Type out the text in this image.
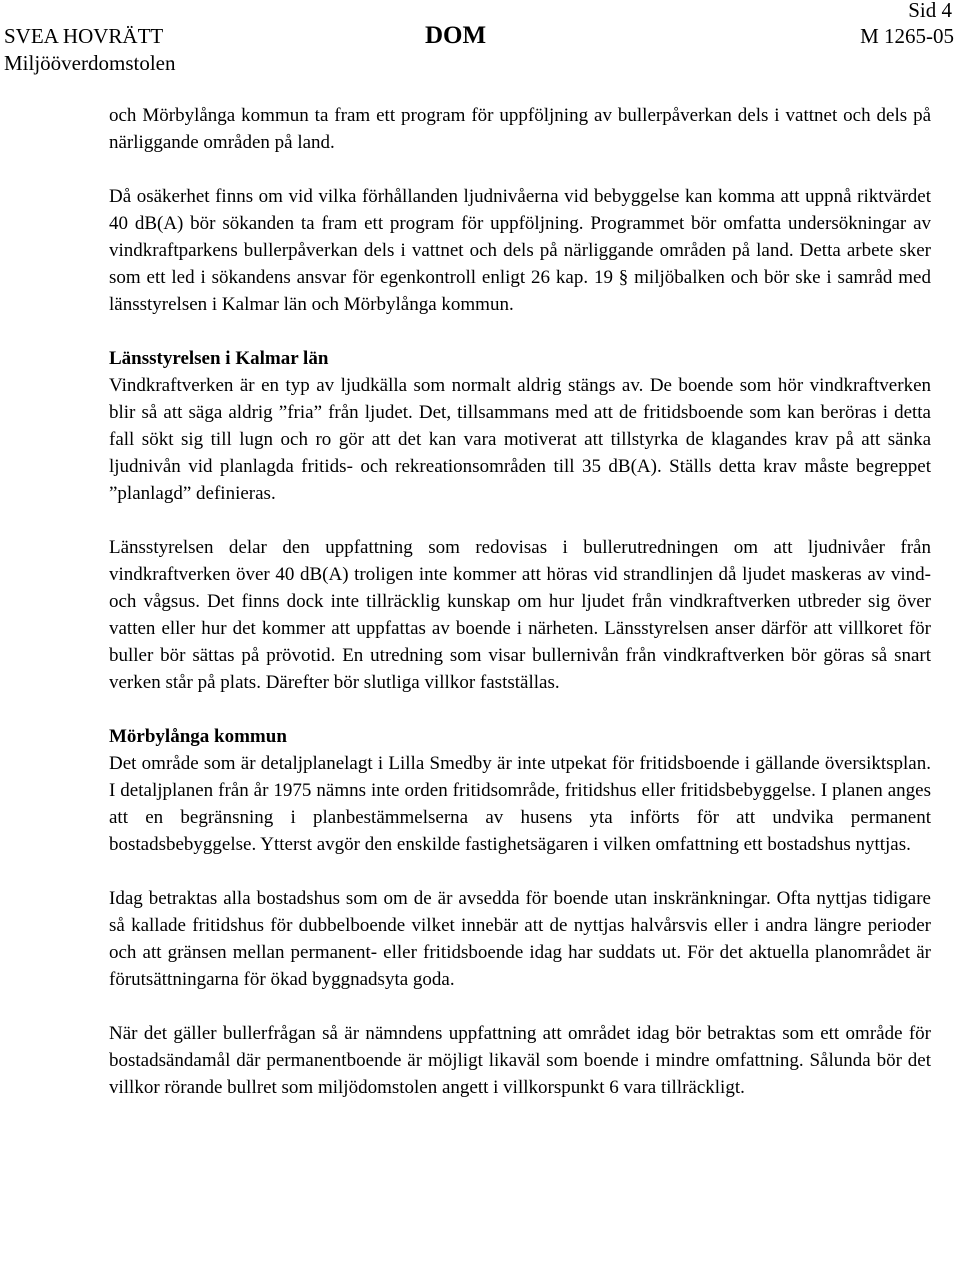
Sid 4
SVEA HOVRÄTT
Miljööverdomstolen
DOM	M 1265-05

och Mörbylånga kommun ta fram ett program för uppföljning av bullerpåverkan dels i vattnet och dels på närliggande områden på land.

Då osäkerhet finns om vid vilka förhållanden ljudnivåerna vid bebyggelse kan komma att uppnå riktvärdet 40 dB(A) bör sökanden ta fram ett program för uppföljning. Programmet bör omfatta undersökningar av vindkraftparkens bullerpåverkan dels i vattnet och dels på närliggande områden på land. Detta arbete sker som ett led i sökandens ansvar för egenkontroll enligt 26 kap. 19 § miljöbalken och bör ske i samråd med länsstyrelsen i Kalmar län och Mörbylånga kommun.

Länsstyrelsen i Kalmar län

Vindkraftverken är en typ av ljudkälla som normalt aldrig stängs av. De boende som hör vindkraftverken blir så att säga aldrig ”fria” från ljudet. Det, tillsammans med att de fritidsboende som kan beröras i detta fall sökt sig till lugn och ro gör att det kan vara motiverat att tillstyrka de klagandes krav på att sänka ljudnivån vid planlagda fritids- och rekreationsområden till 35 dB(A). Ställs detta krav måste begreppet ”planlagd” definieras.

Länsstyrelsen delar den uppfattning som redovisas i bullerutredningen om att ljudnivåer från vindkraftverken över 40 dB(A) troligen inte kommer att höras vid strandlinjen då ljudet maskeras av vind- och vågsus. Det finns dock inte tillräcklig kunskap om hur ljudet från vindkraftverken utbreder sig över vatten eller hur det kommer att uppfattas av boende i närheten. Länsstyrelsen anser därför att villkoret för buller bör sättas på prövotid. En utredning som visar bullernivån från vindkraftverken bör göras så snart verken står på plats. Därefter bör slutliga villkor fastställas.

Mörbylånga kommun

Det område som är detaljplanelagt i Lilla Smedby är inte utpekat för fritidsboende i gällande översiktsplan. I detaljplanen från år 1975 nämns inte orden fritidsområde, fritidshus eller fritidsbebyggelse. I planen anges att en begränsning i planbestämmelserna av husens yta införts för att undvika permanent bostadsbebyggelse. Ytterst avgör den enskilde fastighetsägaren i vilken omfattning ett bostadshus nyttjas.

Idag betraktas alla bostadshus som om de är avsedda för boende utan inskränkningar. Ofta nyttjas tidigare så kallade fritidshus för dubbelboende vilket innebär att de nyttjas halvårsvis eller i andra längre perioder och att gränsen mellan permanent- eller fritidsboende idag har suddats ut. För det aktuella planområdet är förutsättningarna för ökad byggnadsyta goda.

När det gäller bullerfrågan så är nämndens uppfattning att området idag bör betraktas som ett område för bostadsändamål där permanentboende är möjligt likaväl som boende i mindre omfattning. Sålunda bör det villkor rörande bullret som miljödomstolen angett i villkorspunkt 6 vara tillräckligt.
